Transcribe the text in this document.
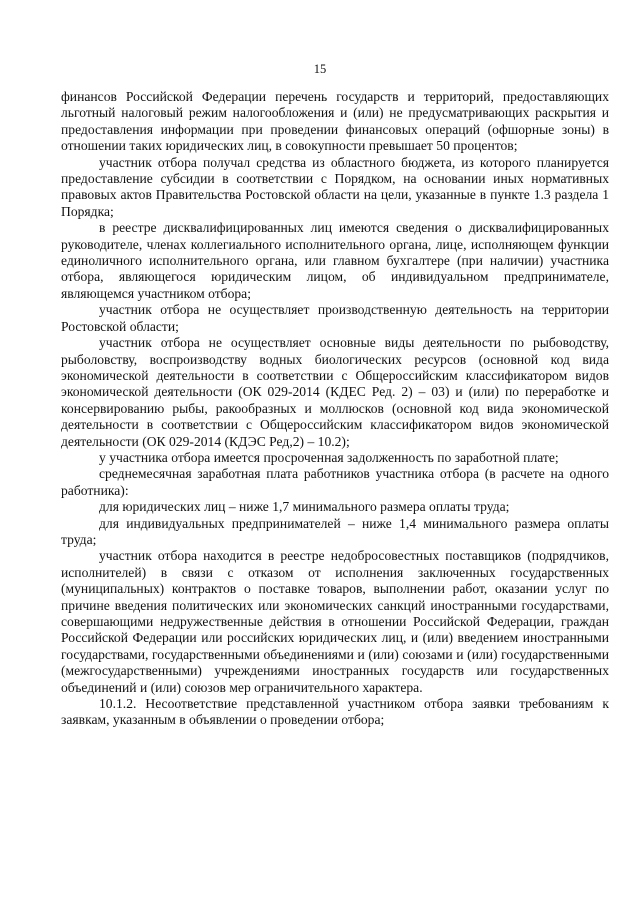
15

финансов Российской Федерации перечень государств и территорий, предоставляющих льготный налоговый режим налогообложения и (или) не предусматривающих раскрытия и предоставления информации при проведении финансовых операций (офшорные зоны) в отношении таких юридических лиц, в совокупности превышает 50 процентов;

участник отбора получал средства из областного бюджета, из которого планируется предоставление субсидии в соответствии с Порядком, на основании иных нормативных правовых актов Правительства Ростовской области на цели, указанные в пункте 1.3 раздела 1 Порядка;

в реестре дисквалифицированных лиц имеются сведения о дисквалифицированных руководителе, членах коллегиального исполнительного органа, лице, исполняющем функции единоличного исполнительного органа, или главном бухгалтере (при наличии) участника отбора, являющегося юридическим лицом, об индивидуальном предпринимателе, являющемся участником отбора;

участник отбора не осуществляет производственную деятельность на территории Ростовской области;

участник отбора не осуществляет основные виды деятельности по рыбоводству, рыболовству, воспроизводству водных биологических ресурсов (основной код вида экономической деятельности в соответствии с Общероссийским классификатором видов экономической деятельности (ОК 029-2014 (КДЕС Ред. 2) – 03) и (или) по переработке и консервированию рыбы, ракообразных и моллюсков (основной код вида экономической деятельности в соответствии с Общероссийским классификатором видов экономической деятельности (ОК 029-2014 (КДЭС Ред,2) – 10.2);

у участника отбора имеется просроченная задолженность по заработной плате;

среднемесячная заработная плата работников участника отбора (в расчете на одного работника):

для юридических лиц – ниже 1,7 минимального размера оплаты труда;

для индивидуальных предпринимателей – ниже 1,4 минимального размера оплаты труда;

участник отбора находится в реестре недобросовестных поставщиков (подрядчиков, исполнителей) в связи с отказом от исполнения заключенных государственных (муниципальных) контрактов о поставке товаров, выполнении работ, оказании услуг по причине введения политических или экономических санкций иностранными государствами, совершающими недружественные действия в отношении Российской Федерации, граждан Российской Федерации или российских юридических лиц, и (или) введением иностранными государствами, государственными объединениями и (или) союзами и (или) государственными (межгосударственными) учреждениями иностранных государств или государственных объединений и (или) союзов мер ограничительного характера.

10.1.2. Несоответствие представленной участником отбора заявки требованиям к заявкам, указанным в объявлении о проведении отбора;
